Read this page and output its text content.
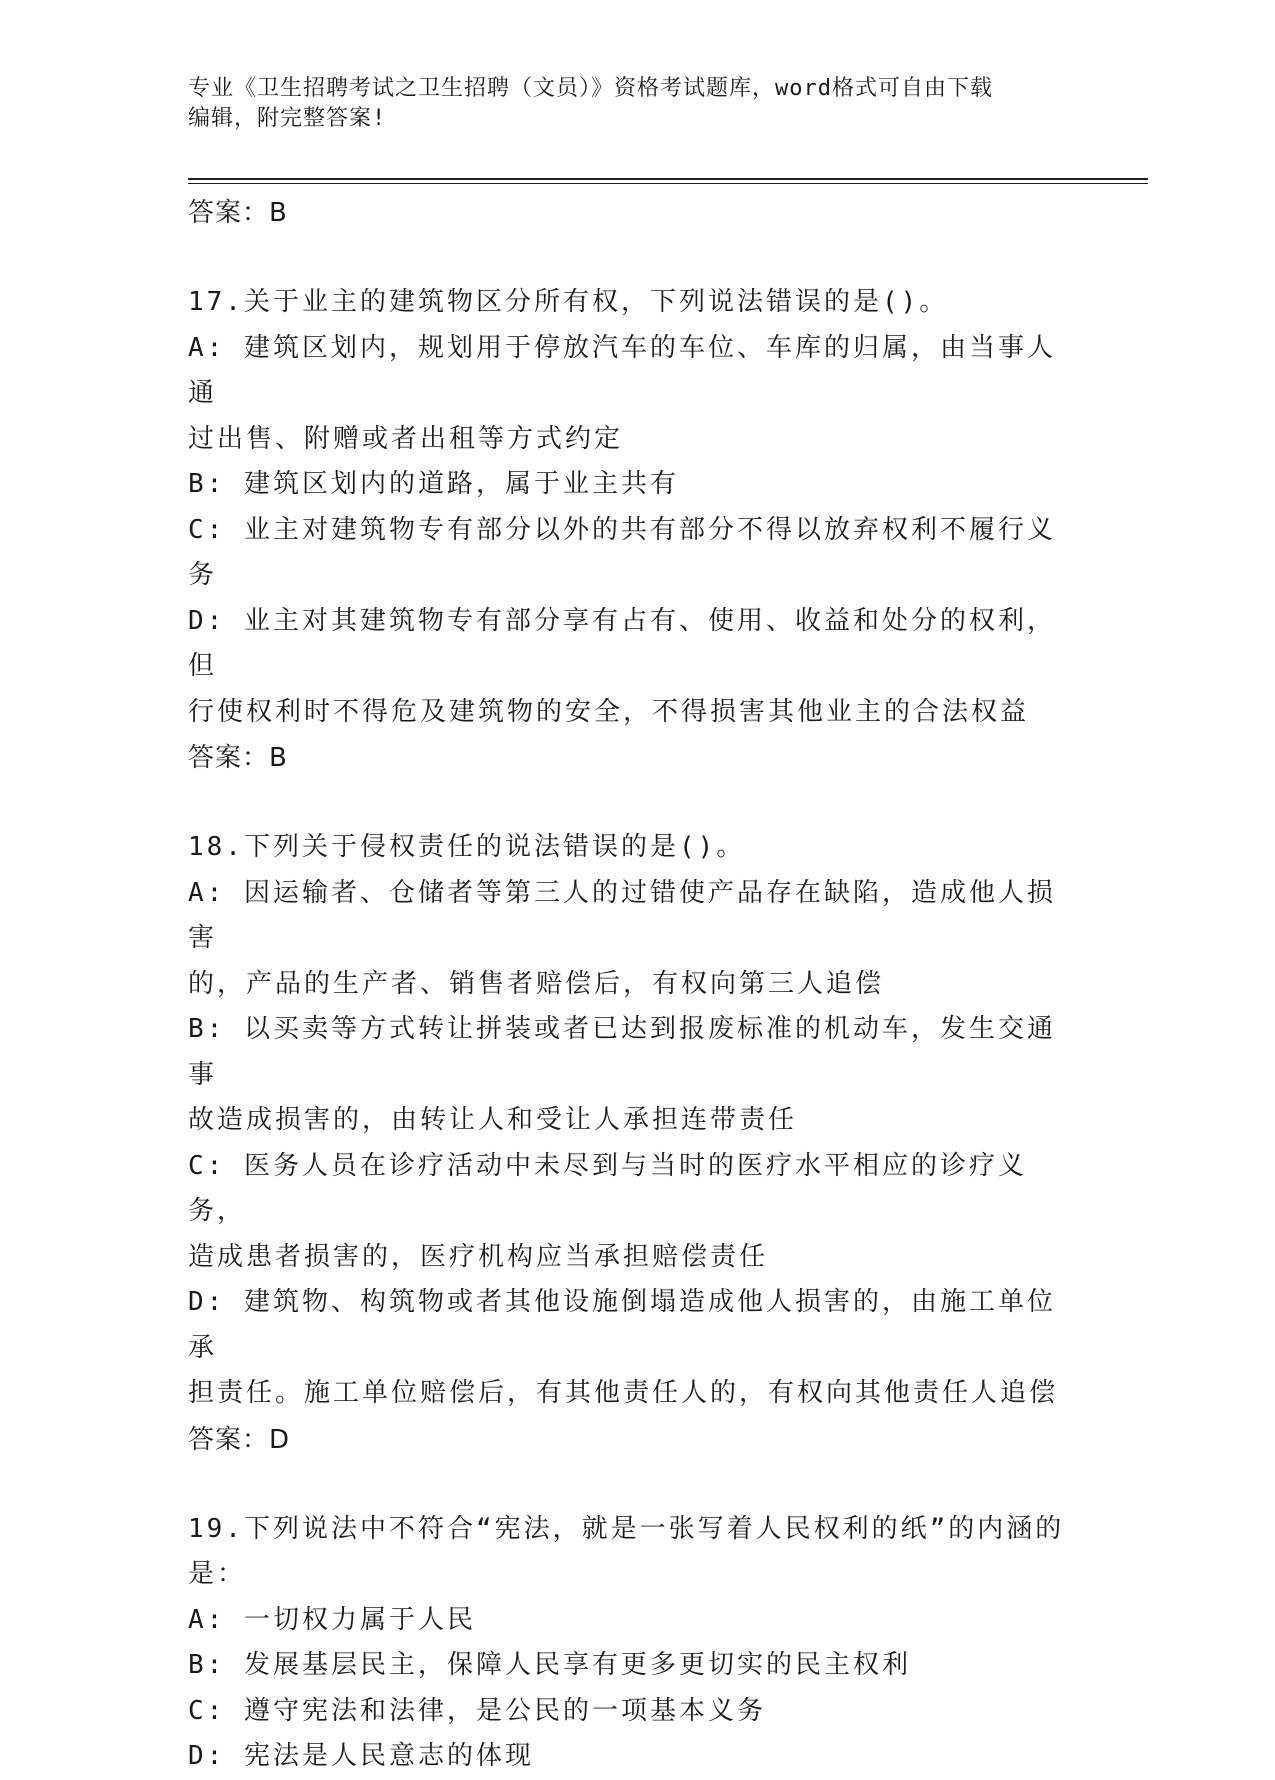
专业《卫生招聘考试之卫生招聘（文员）》资格考试题库，word格式可自由下载
编辑，附完整答案!
答案：B
17.关于业主的建筑物区分所有权，下列说法错误的是()。
A: 建筑区划内，规划用于停放汽车的车位、车库的归属，由当事人通
过出售、附赠或者出租等方式约定
B: 建筑区划内的道路，属于业主共有
C: 业主对建筑物专有部分以外的共有部分不得以放弃权利不履行义务
D: 业主对其建筑物专有部分享有占有、使用、收益和处分的权利，但
行使权利时不得危及建筑物的安全，不得损害其他业主的合法权益
答案：B
18.下列关于侵权责任的说法错误的是()。
A: 因运输者、仓储者等第三人的过错使产品存在缺陷，造成他人损害
的，产品的生产者、销售者赔偿后，有权向第三人追偿
B: 以买卖等方式转让拼装或者已达到报废标准的机动车，发生交通事
故造成损害的，由转让人和受让人承担连带责任
C: 医务人员在诊疗活动中未尽到与当时的医疗水平相应的诊疗义务，
造成患者损害的，医疗机构应当承担赔偿责任
D: 建筑物、构筑物或者其他设施倒塌造成他人损害的，由施工单位承
担责任。施工单位赔偿后，有其他责任人的，有权向其他责任人追偿
答案：D
19.下列说法中不符合“宪法，就是一张写着人民权利的纸”的内涵的
是：
A: 一切权力属于人民
B: 发展基层民主，保障人民享有更多更切实的民主权利
C: 遵守宪法和法律，是公民的一项基本义务
D: 宪法是人民意志的体现
